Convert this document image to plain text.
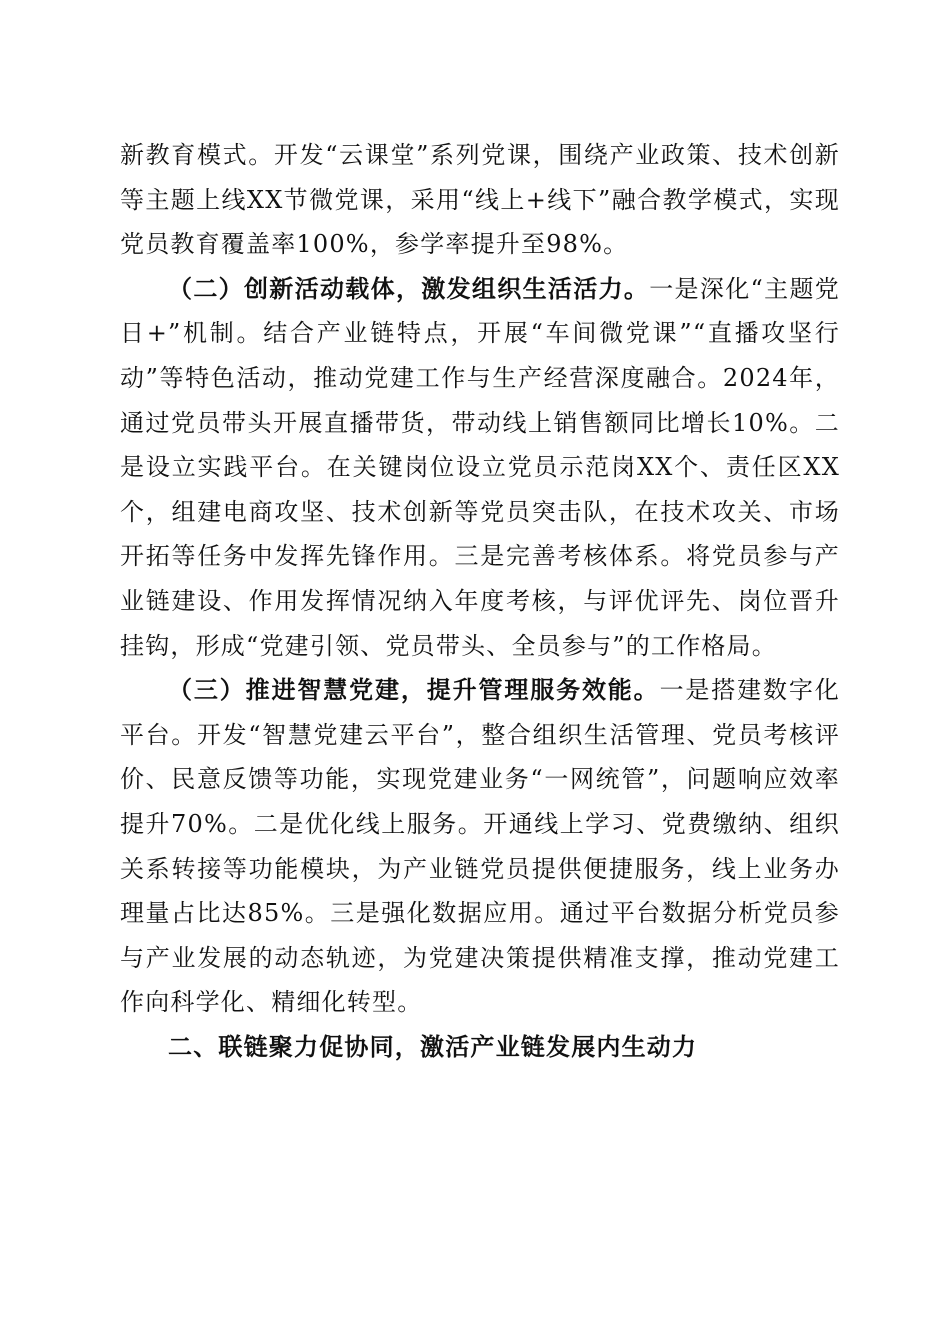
新教育模式。开发“云课堂”系列党课，围绕产业政策、技术创新等主题上线XX节微党课，采用“线上+线下”融合教学模式，实现党员教育覆盖率100%，参学率提升至98%。

（二）创新活动载体，激发组织生活活力。一是深化“主题党日+”机制。结合产业链特点，开展“车间微党课”“直播攻坚行动”等特色活动，推动党建工作与生产经营深度融合。2024年，通过党员带头开展直播带货，带动线上销售额同比增长10%。二是设立实践平台。在关键岗位设立党员示范岗XX个、责任区XX个，组建电商攻坚、技术创新等党员突击队，在技术攻关、市场开拓等任务中发挥先锋作用。三是完善考核体系。将党员参与产业链建设、作用发挥情况纳入年度考核，与评优评先、岗位晋升挂钩，形成“党建引领、党员带头、全员参与”的工作格局。

（三）推进智慧党建，提升管理服务效能。一是搭建数字化平台。开发“智慧党建云平台”，整合组织生活管理、党员考核评价、民意反馈等功能，实现党建业务“一网统管”，问题响应效率提升70%。二是优化线上服务。开通线上学习、党费缴纳、组织关系转接等功能模块，为产业链党员提供便捷服务，线上业务办理量占比达85%。三是强化数据应用。通过平台数据分析党员参与产业发展的动态轨迹，为党建决策提供精准支撑，推动党建工作向科学化、精细化转型。

二、联链聚力促协同，激活产业链发展内生动力
